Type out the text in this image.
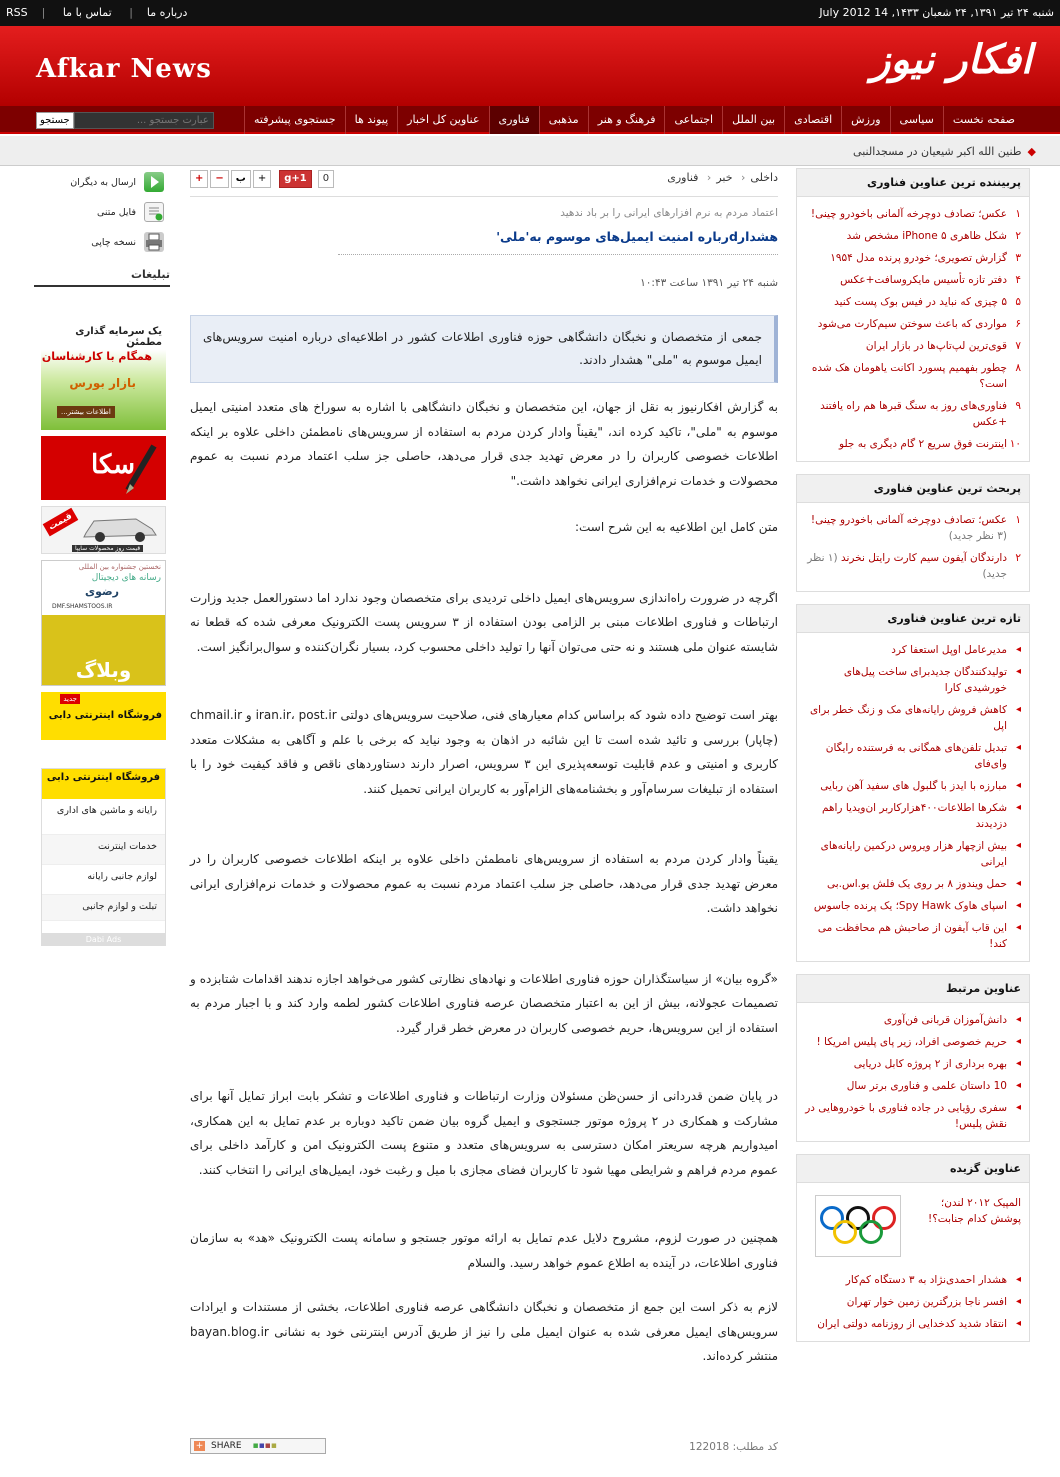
RSS |	درباره ما| تماس با ما	شنبه ۲۴ تیر ۱۳۹۱, ۲۴ شعبان ۱۴۳۳, 14 July 2012
Afkar News	افکار نیوز
صفحه نخست
سیاسی
ورزش
اقتصادی
بين الملل
اجتماعی
فرهنگ و هنر
مذهبی
فناوری
عناوین کل اخبار
پیوند ها
جستجوی پیشرفته
جستجو
عبارت جستجو ...
◆طنین الله اکبر شیعیان در مسجدالنبی
ارسال به دیگران
فایل متنی
نسخه چاپی
تبلیغات
یک سرمایه گذاری مطمئن
همگام با کارشناسان
بازار بورس
اطلاعات بیشتر...
سکا
قیمت
قیمت روز محصولات سایپا
نخستین جشنواره بین المللی
رسانه های دیجیتال
رضوی
DMF.SHAMSTOOS.IR
وبلاگ
فروشگاه اینترنتی دابی
جدید
فروشگاه اینترنتی دابی
رایانه و ماشین های اداری
خدمات اینترنت
لوازم جانبی رایانه
تبلت و لوازم جانبی
Dabi Ads
داخلی‹ خبر‹ فناوری
+	−	ب	+	g+1	0
اعتماد مردم به نرم افزارهای ایرانی را بر باد ندهید
هشدارdرباره امنیت ایمیل‌های موسوم به'ملی'
شنبه ۲۴ تیر ۱۳۹۱ ساعت ۱۰:۴۳
جمعی از متخصصان و نخبگان دانشگاهی حوزه فناوری اطلاعات کشور در اطلاعیه‌ای درباره امنیت سرویس‌های ایمیل موسوم به "ملی" هشدار دادند.
به گزارش افکارنیوز به نقل از جهان، این متخصصان و نخبگان دانشگاهی با اشاره به سوراخ های متعدد امنیتی ایمیل موسوم به "ملی"، تاکید کرده اند، "یقیناً وادار کردن مردم به استفاده از سرویس‌های نامطمئن داخلی علاوه بر اینکه اطلاعات خصوصی کاربران را در معرض تهدید جدی قرار می‌دهد، حاصلی جز سلب اعتماد مردم نسبت به عموم محصولات و خدمات نرم‌افزاری ایرانی نخواهد داشت."
متن کامل این اطلاعیه به این شرح است:
اگرچه در ضرورت راه‌اندازی سرویس‌های ایمیل داخلی تردیدی برای متخصصان وجود ندارد اما دستورالعمل جدید وزارت ارتباطات و فناوری اطلاعات مبنی بر الزامی بودن استفاده از ۳ سرویس پست الکترونیک معرفی شده که قطعا نه شایسته عنوان ملی هستند و نه حتی می‌توان آنها را تولید داخلی محسوب کرد، بسیار نگران‌کننده و سوال‌برانگیز است.
بهتر است توضیح داده شود که براساس کدام معیارهای فنی، صلاحیت سرویس‌های دولتی iran.ir، post.ir و chmail.ir (چاپار) بررسی و تائید شده است تا این شائبه در اذهان به وجود نیاید که برخی با علم و آگاهی به مشکلات متعدد کاربری و امنیتی و عدم قابلیت توسعه‌پذیری این ۳ سرویس، اصرار دارند دستاوردهای ناقص و فاقد کیفیت خود را با استفاده از تبلیغات سرسام‌آور و بخشنامه‌های الزام‌آور به کاربران ایرانی تحمیل کنند.
یقیناً وادار کردن مردم به استفاده از سرویس‌های نامطمئن داخلی علاوه بر اینکه اطلاعات خصوصی کاربران را در معرض تهدید جدی قرار می‌دهد، حاصلی جز سلب اعتماد مردم نسبت به عموم محصولات و خدمات نرم‌افزاری ایرانی نخواهد داشت.
«گروه بیان» از سیاستگذاران حوزه فناوری اطلاعات و نهادهای نظارتی کشور می‌خواهد اجازه ندهند اقدامات شتابزده و تصمیمات عجولانه، بیش از این به اعتبار متخصصان عرصه فناوری اطلاعات کشور لطمه وارد کند و با اجبار مردم به استفاده از این سرویس‌ها، حریم خصوصی کاربران در معرض خطر قرار گیرد.
در پایان ضمن قدردانی از حسن‌ظن مسئولان وزارت ارتباطات و فناوری اطلاعات و تشکر بابت ابراز تمایل آنها برای مشارکت و همکاری در ۲ پروژه موتور جستجوی و ایمیل گروه بیان ضمن تاکید دوباره بر عدم تمایل به این همکاری، امیدواریم هرچه سریعتر امکان دسترسی به سرویس‌های متعدد و متنوع پست الکترونیک امن و کارآمد داخلی برای عموم مردم فراهم و شرایطی مهیا شود تا کاربران فضای مجازی با میل و رغبت خود، ایمیل‌های ایرانی را انتخاب کنند.
همچنین در صورت لزوم، مشروح دلایل عدم تمایل به ارائه موتور جستجو و سامانه پست الکترونیک «هد» به سازمان فناوری اطلاعات، در آینده به اطلاع عموم خواهد رسید. والسلام
لازم به ذکر است این جمع از متخصصان و نخبگان دانشگاهی عرصه فناوری اطلاعات، بخشی از مستندات و ایرادات سرویس‌های ایمیل معرفی شده به عنوان ایمیل ملی را نیز از طریق آدرس اینترنتی خود به نشانی bayan.blog.ir منتشر کرده‌اند.
کد مطلب: 122018
+ SHARE ▪▪▪▪
پربیننده ترین عناوین فناوری
۱
عکس؛ تصادف دوچرخه آلمانی باخودرو چینی!
۲
شکل ظاهری iPhone ۵ مشخص شد
۳
گزارش تصویری؛ خودرو پرنده مدل ۱۹۵۴
۴
دفتر تازه تأسیس مایکروسافت+عکس
۵
۵ چیزی که نباید در فیس بوک پست کنید
۶
مواردی که باعث سوختن سیم‌کارت می‌شود
۷
قوی‌ترین لپ‌تاپ‌ها در بازار ایران
۸
چطور بفهمیم پسورد اکانت یاهومان هک شده است؟
۹
فناوری‌های روز به سنگ قبرها هم راه یافتند +عکس
۱۰
اینترنت فوق سریع ۲ گام دیگری به جلو
پربحث ترین عناوین فناوری
۱
عکس؛ تصادف دوچرخه آلمانی باخودرو چینی! (۳ نظر جدید)
۲
دارندگان آیفون سیم کارت رایتل نخرند (۱ نظر جدید)
تازه ترین عناوین فناوری
◂
مدیرعامل اوپل استعفا کرد
◂
تولیدکنندگان جدیدبرای ساخت پیل‌های خورشیدی کارا
◂
کاهش فروش رایانه‌های مک و زنگ خطر برای اپل
◂
تبدیل تلفن‌های همگانی به فرستنده رایگان وای‌فای
◂
مبارزه با ایدز با گلبول های سفید آهن ربایی
◂
شکرها اطلاعات۴۰۰هزارکاربر ان‌ویدیا راهم دزدیدند
◂
بیش ازچهار هزار ویروس درکمین رایانه‌های ایرانی
◂
حمل ویندوز ۸ بر روی یک فلش یو.اس.بی
◂
اسپای هاوک Spy Hawk؛ یک پرنده جاسوس
◂
این قاب آیفون از صاحبش هم محافظت می کند!
عناوین مرتبط
◂
دانش‌آموزان قربانی فن‌آوری
◂
حریم خصوصی افراد، زیر پای پلیس امریکا !
◂
بهره برداری از ۲ پروژه کابل دریایی
◂
10 داستان علمی و فناوری برتر سال
◂
سفری رؤیایی در جاده فناوری با خودروهایی در نقش پلیس!
عناوین گزیده
المپیک ۲۰۱۲ لندن؛ پوشش کدام جنابت؟!
◂
هشدار احمدی‌نژاد به ۳ دستگاه کم‌کار
◂
افسر ناجا بزرگترین زمین خوار تهران
◂
انتقاد شدید کدخدایی از روزنامه دولتی ایران
